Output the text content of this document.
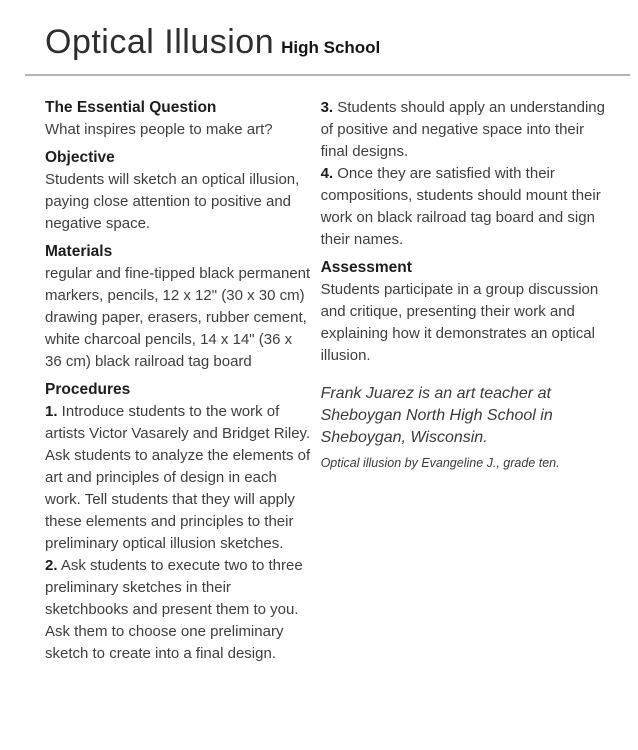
Optical Illusion High School
The Essential Question

What inspires people to make art?

Objective

Students will sketch an optical illusion, paying close attention to positive and negative space.

Materials

regular and fine-tipped black permanent markers, pencils, 12 x 12" (30 x 30 cm) drawing paper, erasers, rubber cement, white charcoal pencils, 14 x 14" (36 x 36 cm) black railroad tag board

Procedures

1. Introduce students to the work of artists Victor Vasarely and Bridget Riley. Ask students to analyze the elements of art and principles of design in each work. Tell students that they will apply these elements and principles to their preliminary optical illusion sketches.

2. Ask students to execute two to three preliminary sketches in their sketchbooks and present them to you. Ask them to choose one preliminary sketch to create into a final design.

3. Students should apply an understanding of positive and negative space into their final designs.

4. Once they are satisfied with their compositions, students should mount their work on black railroad tag board and sign their names.

Assessment

Students participate in a group discussion and critique, presenting their work and explaining how it demonstrates an optical illusion.

Frank Juarez is an art teacher at Sheboygan North High School in Sheboygan, Wisconsin.

Optical illusion by Evangeline J., grade ten.
